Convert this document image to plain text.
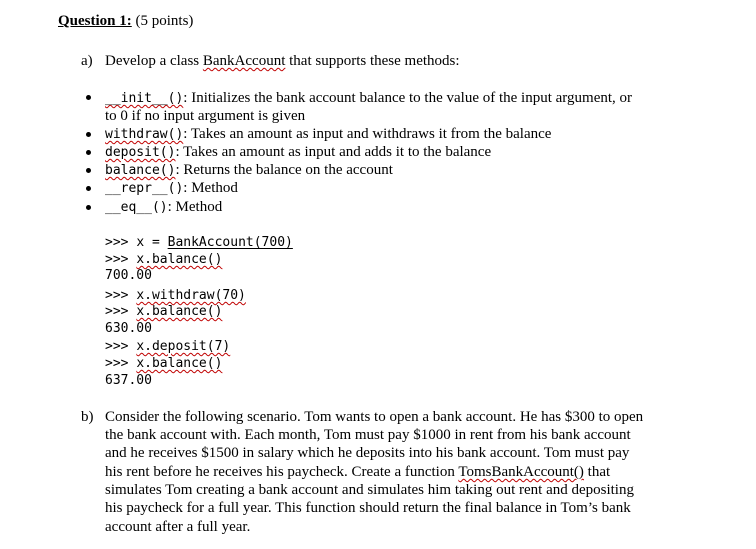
Question 1: (5 points)
a) Develop a class BankAccount that supports these methods:
__init__(): Initializes the bank account balance to the value of the input argument, or
to 0 if no input argument is given
withdraw(): Takes an amount as input and withdraws it from the balance
deposit(): Takes an amount as input and adds it to the balance
balance(): Returns the balance on the account
__repr__(): Method
__eq__(): Method
>>> x = BankAccount(700)
>>> x.balance()
700.00
>>> x.withdraw(70)
>>> x.balance()
630.00
>>> x.deposit(7)
>>> x.balance()
637.00
b) Consider the following scenario. Tom wants to open a bank account. He has $300 to open
the bank account with. Each month, Tom must pay $1000 in rent from his bank account
and he receives $1500 in salary which he deposits into his bank account. Tom must pay
his rent before he receives his paycheck. Create a function TomsBankAccount() that
simulates Tom creating a bank account and simulates him taking out rent and depositing
his paycheck for a full year. This function should return the final balance in Tom’s bank
account after a full year.
